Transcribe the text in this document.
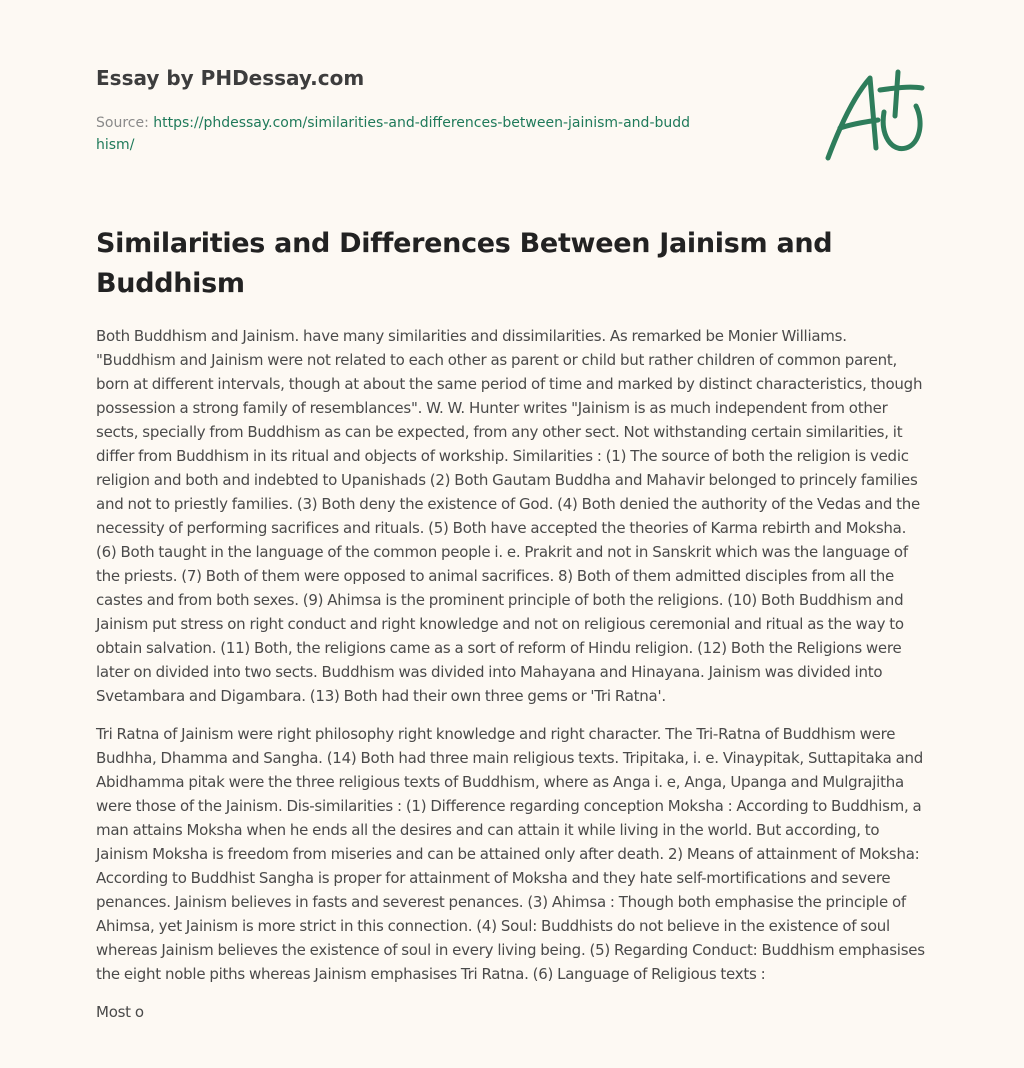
Essay by PHDessay.com
Source: https://phdessay.com/similarities-and-differences-between-jainism-and-buddhism/
Similarities and Differences Between Jainism and Buddhism

Both Buddhism and Jainism. have many similarities and dissimilarities. As remarked be Monier Williams. "Buddhism and Jainism were not related to each other as parent or child but rather children of common parent, born at different intervals, though at about the same period of time and marked by distinct characteristics, though possession a strong family of resemblances". W. W. Hunter writes "Jainism is as much independent from other sects, specially from Buddhism as can be expected, from any other sect. Not withstanding certain similarities, it differ from Buddhism in its ritual and objects of workship. Similarities : (1) The source of both the religion is vedic religion and both and indebted to Upanishads (2) Both Gautam Buddha and Mahavir belonged to princely families and not to priestly families. (3) Both deny the existence of God. (4) Both denied the authority of the Vedas and the necessity of performing sacrifices and rituals. (5) Both have accepted the theories of Karma rebirth and Moksha. (6) Both taught in the language of the common people i. e. Prakrit and not in Sanskrit which was the language of the priests. (7) Both of them were opposed to animal sacrifices. 8) Both of them admitted disciples from all the castes and from both sexes. (9) Ahimsa is the prominent principle of both the religions. (10) Both Buddhism and Jainism put stress on right conduct and right knowledge and not on religious ceremonial and ritual as the way to obtain salvation. (11) Both, the religions came as a sort of reform of Hindu religion. (12) Both the Religions were later on divided into two sects. Buddhism was divided into Mahayana and Hinayana. Jainism was divided into Svetambara and Digambara. (13) Both had their own three gems or 'Tri Ratna'.

Tri Ratna of Jainism were right philosophy right knowledge and right character. The Tri-Ratna of Buddhism were Budhha, Dhamma and Sangha. (14) Both had three main religious texts. Tripitaka, i. e. Vinaypitak, Suttapitaka and Abidhamma pitak were the three religious texts of Buddhism, where as Anga i. e, Anga, Upanga and Mulgrajitha were those of the Jainism. Dis-similarities : (1) Difference regarding conception Moksha : According to Buddhism, a man attains Moksha when he ends all the desires and can attain it while living in the world. But according, to Jainism Moksha is freedom from miseries and can be attained only after death. 2) Means of attainment of Moksha: According to Buddhist Sangha is proper for attainment of Moksha and they hate self-mortifications and severe penances. Jainism believes in fasts and severest penances. (3) Ahimsa : Though both emphasise the principle of Ahimsa, yet Jainism is more strict in this connection. (4) Soul: Buddhists do not believe in the existence of soul whereas Jainism believes the existence of soul in every living being. (5) Regarding Conduct: Buddhism emphasises the eight noble piths whereas Jainism emphasises Tri Ratna. (6) Language of Religious texts :

Most o
